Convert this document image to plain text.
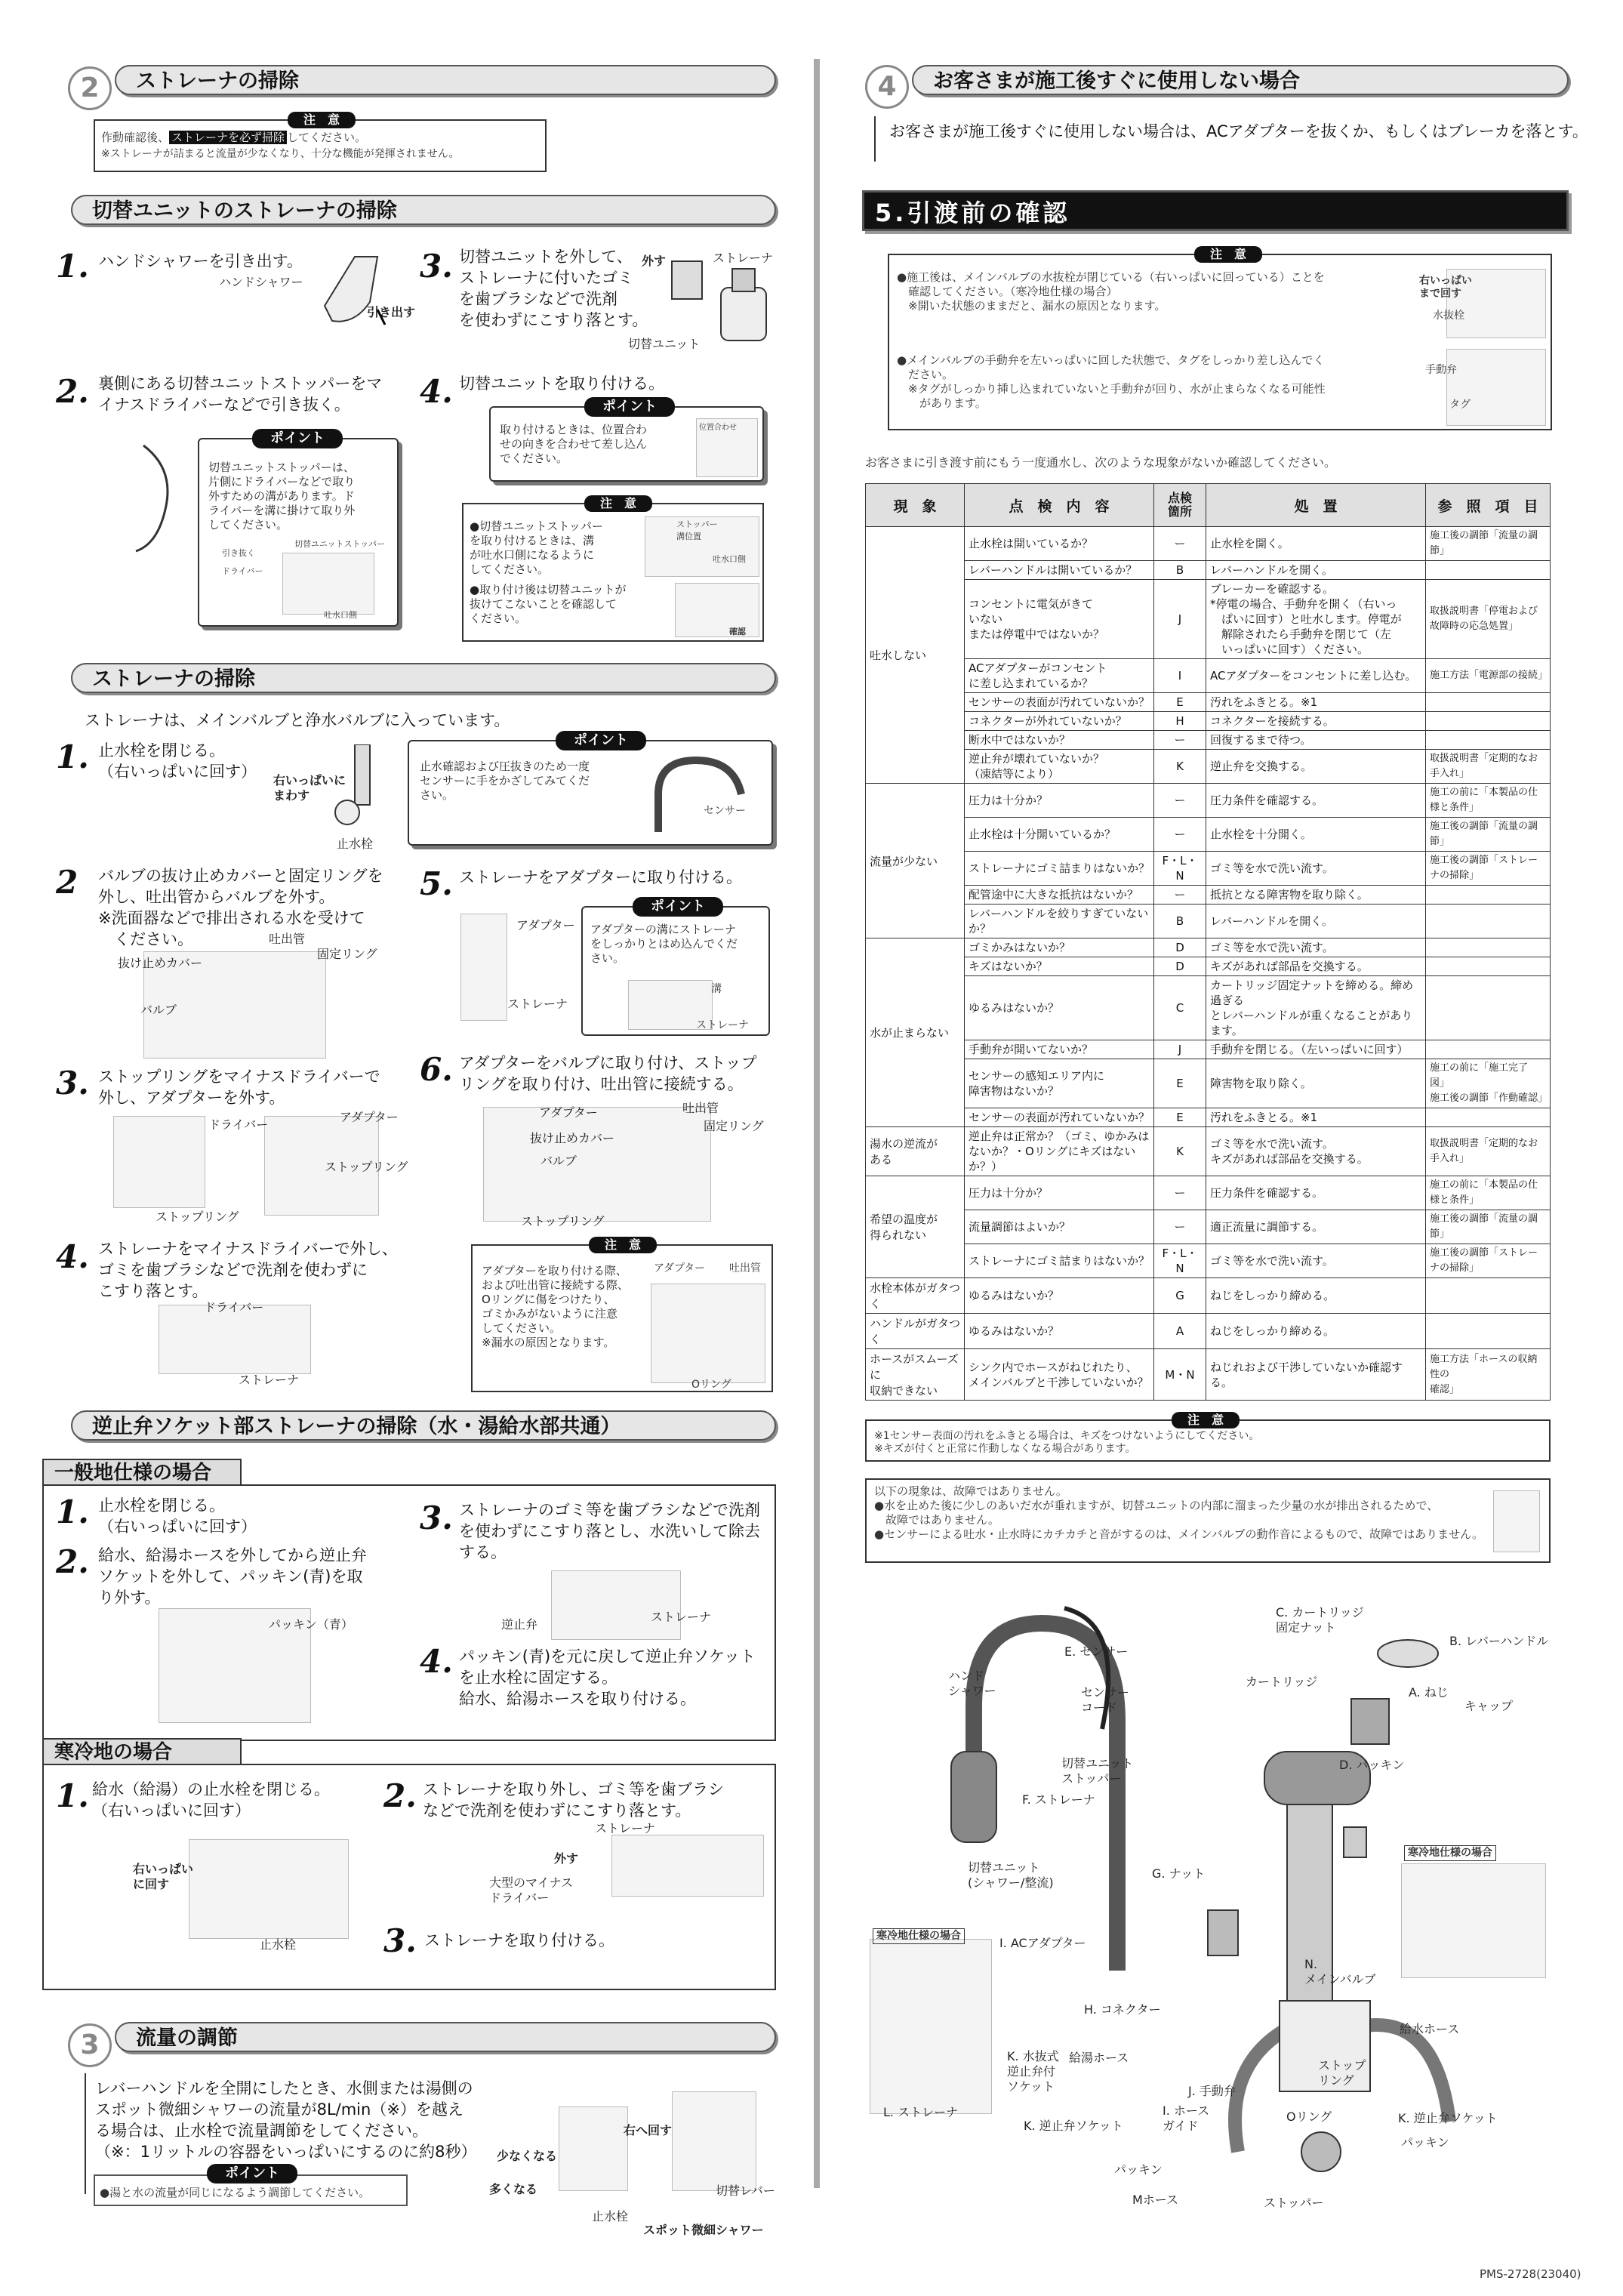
2	ストレーナの掃除
注　意
作動確認後、 ストレーナを必ず掃除 してください。
※ストレーナが詰まると流量が少なくなり、十分な機能が発揮されません。
切替ユニットのストレーナの掃除
1. ハンドシャワーを引き出す。
ハンドシャワー
引き出す
3. 切替ユニットを外して、
ストレーナに付いたゴミ
を歯ブラシなどで洗剤
を使わずにこすり落とす。
外す	ストレーナ
切替ユニット
2. 裏側にある切替ユニットストッパーをマ
イナスドライバーなどで引き抜く。
ポイント
切替ユニットストッパーは、
片側にドライバーなどで取り
外すための溝があります。ド
ライバーを溝に掛けて取り外
してください。
切替ユニットストッパー
引き抜く
ドライバー
吐水口側
4. 切替ユニットを取り付ける。
ポイント
取り付けるときは、位置合わ
せの向きを合わせて差し込ん
でください。
位置合わせ
注　意
●切替ユニットストッパー
を取り付けるときは、溝
が吐水口側になるように
してください。
●取り付け後は切替ユニットが
抜けてこないことを確認して
ください。
ストッパー
溝位置
吐水口側
確認
ストレーナの掃除
ストレーナは、メインバルブと浄水バルブに入っています。
1. 止水栓を閉じる。
（右いっぱいに回す） 右いっぱいに
まわす
止水栓
ポイント
止水確認および圧抜きのため一度
センサーに手をかざしてみてくだ
さい。
センサー
2 バルブの抜け止めカバーと固定リングを
外し、吐出管からバルブを外す。
※洗面器などで排出される水を受けて
　ください。	吐出管
抜け止めカバー
固定リング
バルブ
5. ストレーナをアダプターに取り付ける。
アダプター
ストレーナ
ポイント
アダプターの溝にストレーナ
をしっかりとはめ込んでくだ
さい。
溝
ストレーナ
3. ストップリングをマイナスドライバーで
外し、アダプターを外す。
ドライバー
アダプター
ストップリング
ストップリング
6. アダプターをバルブに取り付け、ストップ
リングを取り付け、吐出管に接続する。
アダプター	吐出管
抜け止めカバー
固定リング
バルブ
ストップリング
4. ストレーナをマイナスドライバーで外し、
ゴミを歯ブラシなどで洗剤を使わずに
こすり落とす。
ドライバー
ストレーナ
注　意
アダプターを取り付ける際、
および吐出管に接続する際、
Oリングに傷をつけたり、
ゴミかみがないように注意
してください。
※漏水の原因となります。
アダプター 吐出管
Oリング
逆止弁ソケット部ストレーナの掃除（水・湯給水部共通）
一般地仕様の場合
1. 止水栓を閉じる。
（右いっぱいに回す）
2. 給水、給湯ホースを外してから逆止弁
ソケットを外して、パッキン(青)を取
り外す。
パッキン（青）
3. ストレーナのゴミ等を歯ブラシなどで洗剤
を使わずにこすり落とし、水洗いして除去
する。
逆止弁
ストレーナ
4. パッキン(青)を元に戻して逆止弁ソケット
を止水栓に固定する。
給水、給湯ホースを取り付ける。
寒冷地の場合
1. 給水（給湯）の止水栓を閉じる。
（右いっぱいに回す）
右いっぱい
に回す
止水栓
2. ストレーナを取り外し、ゴミ等を歯ブラシ
などで洗剤を使わずにこすり落とす。
ストレーナ
外す
大型のマイナス
ドライバー
3. ストレーナを取り付ける。
3	流量の調節
レバーハンドルを全開にしたとき、水側または湯側の
スポット微細シャワーの流量が8L/min（※）を越え
る場合は、止水栓で流量調節をしてください。
（※：1リットルの容器をいっぱいにするのに約8秒）
ポイント
●湯と水の流量が同じになるよう調節してください。
少なくなる
多くなる
止水栓
右へ回す
切替レバー
スポット微細シャワー
4	お客さまが施工後すぐに使用しない場合
お客さまが施工後すぐに使用しない場合は、ACアダプターを抜くか、もしくはブレーカを落とす。
5.引渡前の確認
注　意
●施工後は、メインバルブの水抜栓が閉じている（右いっぱいに回っている）ことを
　確認してください。（寒冷地仕様の場合）
　※開いた状態のままだと、漏水の原因となります。
●メインバルブの手動弁を左いっぱいに回した状態で、タグをしっかり差し込んでく
　ださい。
　※タグがしっかり挿し込まれていないと手動弁が回り、水が止まらなくなる可能性
　　があります。
右いっぱい
まで回す
水抜栓
手動弁
タグ
お客さまに引き渡す前にもう一度通水し、次のような現象がないか確認してください。
現　象	点　検　内　容	点検
箇所	処　置	参　照　項　目
吐水しない	止水栓は開いているか？	ー	止水栓を開く。	施工後の調節「流量の調節」
	レバーハンドルは開いているか？	B	レバーハンドルを開く。	
	コンセントに電気がきて
いない
または停電中ではないか？	J	ブレーカーを確認する。
*停電の場合、手動弁を開く（右いっ
　ぱいに回す）と吐水します。停電が
　解除されたら手動弁を閉じて（左
　いっぱいに回す）ください。	取扱説明書「停電および
故障時の応急処置」
	ACアダプターがコンセント
に差し込まれているか？	I	ACアダプターをコンセントに差し込む。	施工方法「電源部の接続」
	センサーの表面が汚れていないか？	E	汚れをふきとる。※1	
	コネクターが外れていないか？	H	コネクターを接続する。	
	断水中ではないか？	ー	回復するまで待つ。	
	逆止弁が壊れていないか？
（凍結等により）	K	逆止弁を交換する。	取扱説明書「定期的なお手入れ」
流量が少ない	圧力は十分か？	ー	圧力条件を確認する。	施工の前に「本製品の仕様と条件」
	止水栓は十分開いているか？	ー	止水栓を十分開く。	施工後の調節「流量の調節」
	ストレーナにゴミ詰まりはないか？	F・L・N	ゴミ等を水で洗い流す。	施工後の調節「ストレーナの掃除」
	配管途中に大きな抵抗はないか？	ー	抵抗となる障害物を取り除く。	
	レバーハンドルを絞りすぎていないか？	B	レバーハンドルを開く。	
水が止まらない	ゴミかみはないか？	D	ゴミ等を水で洗い流す。	
	キズはないか？	D	キズがあれば部品を交換する。	
	ゆるみはないか？	C	カートリッジ固定ナットを締める。締め過ぎる
とレバーハンドルが重くなることがあります。	
	手動弁が開いてないか？	J	手動弁を閉じる。（左いっぱいに回す）	
	センサーの感知エリア内に
障害物はないか？	E	障害物を取り除く。	施工の前に「施工完了図」
施工後の調節「作動確認」
	センサーの表面が汚れていないか？	E	汚れをふきとる。※1	
湯水の逆流が
ある	逆止弁は正常か？（ゴミ、ゆかみは
ないか？・Oリングにキズはないか？）	K	ゴミ等を水で洗い流す。
キズがあれば部品を交換する。	取扱説明書「定期的なお手入れ」
希望の温度が
得られない	圧力は十分か？	ー	圧力条件を確認する。	施工の前に「本製品の仕様と条件」
	流量調節はよいか？	ー	適正流量に調節する。	施工後の調節「流量の調節」
	ストレーナにゴミ詰まりはないか？	F・L・N	ゴミ等を水で洗い流す。	施工後の調節「ストレーナの掃除」
水栓本体がガタつく	ゆるみはないか？	G	ねじをしっかり締める。	
ハンドルがガタつく	ゆるみはないか？	A	ねじをしっかり締める。	
ホースがスムーズに
収納できない	シンク内でホースがねじれたり、
メインバルブと干渉していないか？	M・N	ねじれおよび干渉していないか確認する。	施工方法「ホースの収納性の
確認」
注　意
※1センサー表面の汚れをふきとる場合は、キズをつけないようにしてください。
※キズが付くと正常に作動しなくなる場合があります。
以下の現象は、故障ではありません。
●水を止めた後に少しのあいだ水が垂れますが、切替ユニットの内部に溜まった少量の水が排出されるためで、
　故障ではありません。
●センサーによる吐水・止水時にカチカチと音がするのは、メインバルブの動作音によるもので、故障ではありません。
C. カートリッジ
固定ナット
B. レバーハンドル
E. センサー
カートリッジ
ハンド
シャワー	センサー
コード
A. ねじ
キャップ
切替ユニット
ストッパー
D. パッキン
F. ストレーナ
切替ユニット
(シャワー/整流)
G. ナット
I. ACアダプター
寒冷地仕様の場合
寒冷地仕様の場合
N.
メインバルブ
H. コネクター
給水ホース
K. 水抜式
逆止弁付
ソケット
給湯ホース
ストップ
リング
J. 手動弁
I. ホース
ガイド
Oリング
K. 逆止弁ソケット
K. 逆止弁ソケット
L. ストレーナ
パッキン
パッキン
Mホース	ストッパー
PMS-2728(23040)
